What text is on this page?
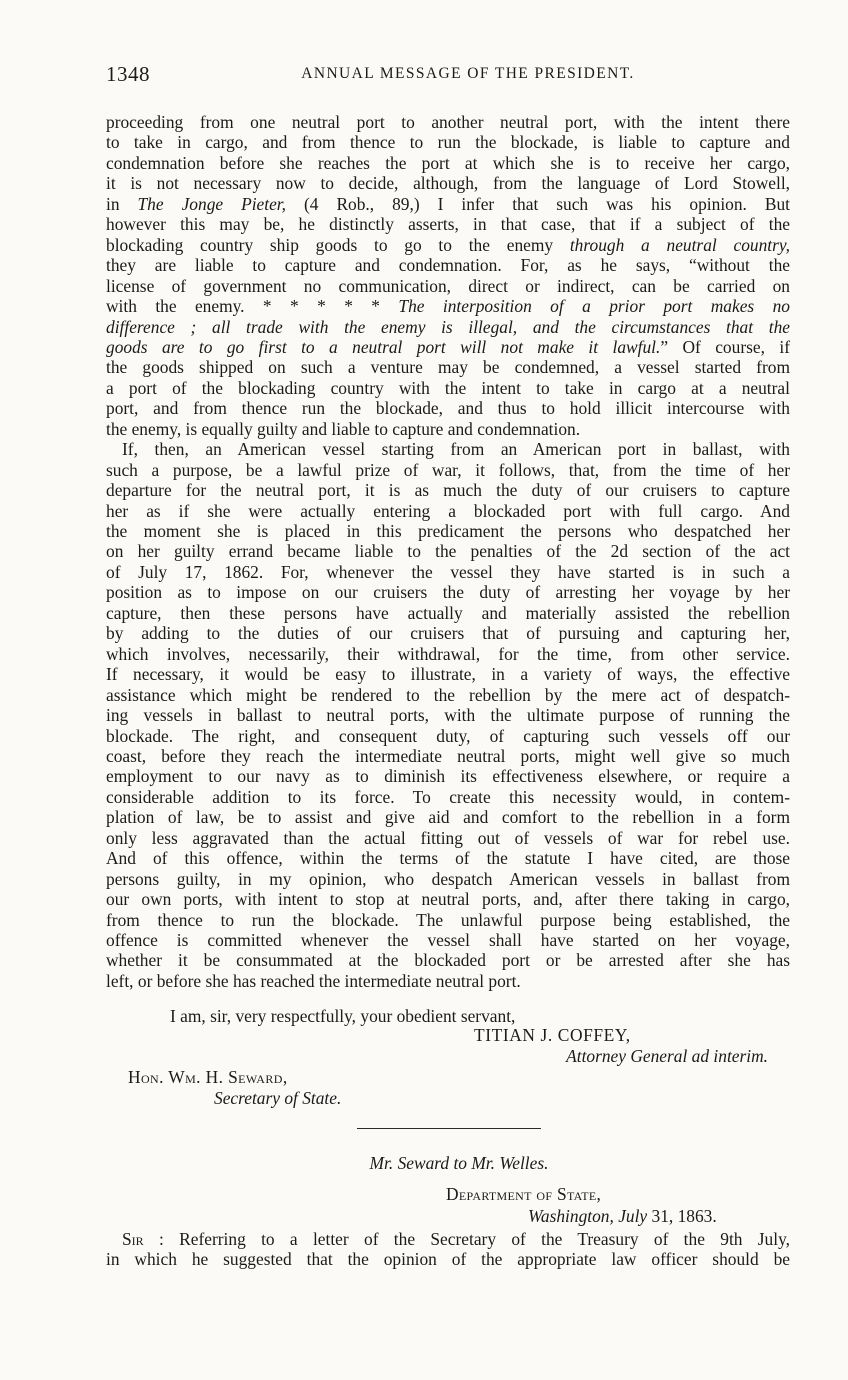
1348	ANNUAL MESSAGE OF THE PRESIDENT.
proceeding from one neutral port to another neutral port, with the intent there
to take in cargo, and from thence to run the blockade, is liable to capture and
condemnation before she reaches the port at which she is to receive her cargo,
it is not necessary now to decide, although, from the language of Lord Stowell,
in The Jonge Pieter, (4 Rob., 89,) I infer that such was his opinion. But
however this may be, he distinctly asserts, in that case, that if a subject of the
blockading country ship goods to go to the enemy through a neutral country,
they are liable to capture and condemnation. For, as he says, “without the
license of government no communication, direct or indirect, can be carried on
with the enemy. * * * * * The interposition of a prior port makes no
difference ; all trade with the enemy is illegal, and the circumstances that the
goods are to go first to a neutral port will not make it lawful.” Of course, if
the goods shipped on such a venture may be condemned, a vessel started from
a port of the blockading country with the intent to take in cargo at a neutral
port, and from thence run the blockade, and thus to hold illicit intercourse with
the enemy, is equally guilty and liable to capture and condemnation.
If, then, an American vessel starting from an American port in ballast, with
such a purpose, be a lawful prize of war, it follows, that, from the time of her
departure for the neutral port, it is as much the duty of our cruisers to capture
her as if she were actually entering a blockaded port with full cargo. And
the moment she is placed in this predicament the persons who despatched her
on her guilty errand became liable to the penalties of the 2d section of the act
of July 17, 1862. For, whenever the vessel they have started is in such a
position as to impose on our cruisers the duty of arresting her voyage by her
capture, then these persons have actually and materially assisted the rebellion
by adding to the duties of our cruisers that of pursuing and capturing her,
which involves, necessarily, their withdrawal, for the time, from other service.
If necessary, it would be easy to illustrate, in a variety of ways, the effective
assistance which might be rendered to the rebellion by the mere act of despatch-
ing vessels in ballast to neutral ports, with the ultimate purpose of running the
blockade. The right, and consequent duty, of capturing such vessels off our
coast, before they reach the intermediate neutral ports, might well give so much
employment to our navy as to diminish its effectiveness elsewhere, or require a
considerable addition to its force. To create this necessity would, in contem-
plation of law, be to assist and give aid and comfort to the rebellion in a form
only less aggravated than the actual fitting out of vessels of war for rebel use.
And of this offence, within the terms of the statute I have cited, are those
persons guilty, in my opinion, who despatch American vessels in ballast from
our own ports, with intent to stop at neutral ports, and, after there taking in cargo,
from thence to run the blockade. The unlawful purpose being established, the
offence is committed whenever the vessel shall have started on her voyage,
whether it be consummated at the blockaded port or be arrested after she has
left, or before she has reached the intermediate neutral port.
I am, sir, very respectfully, your obedient servant,
TITIAN J. COFFEY,
Attorney General ad interim.
Hon. Wm. H. Seward,
Secretary of State.
Mr. Seward to Mr. Welles.
Department of State,
Washington, July 31, 1863.
Sir : Referring to a letter of the Secretary of the Treasury of the 9th July,
in which he suggested that the opinion of the appropriate law officer should be
